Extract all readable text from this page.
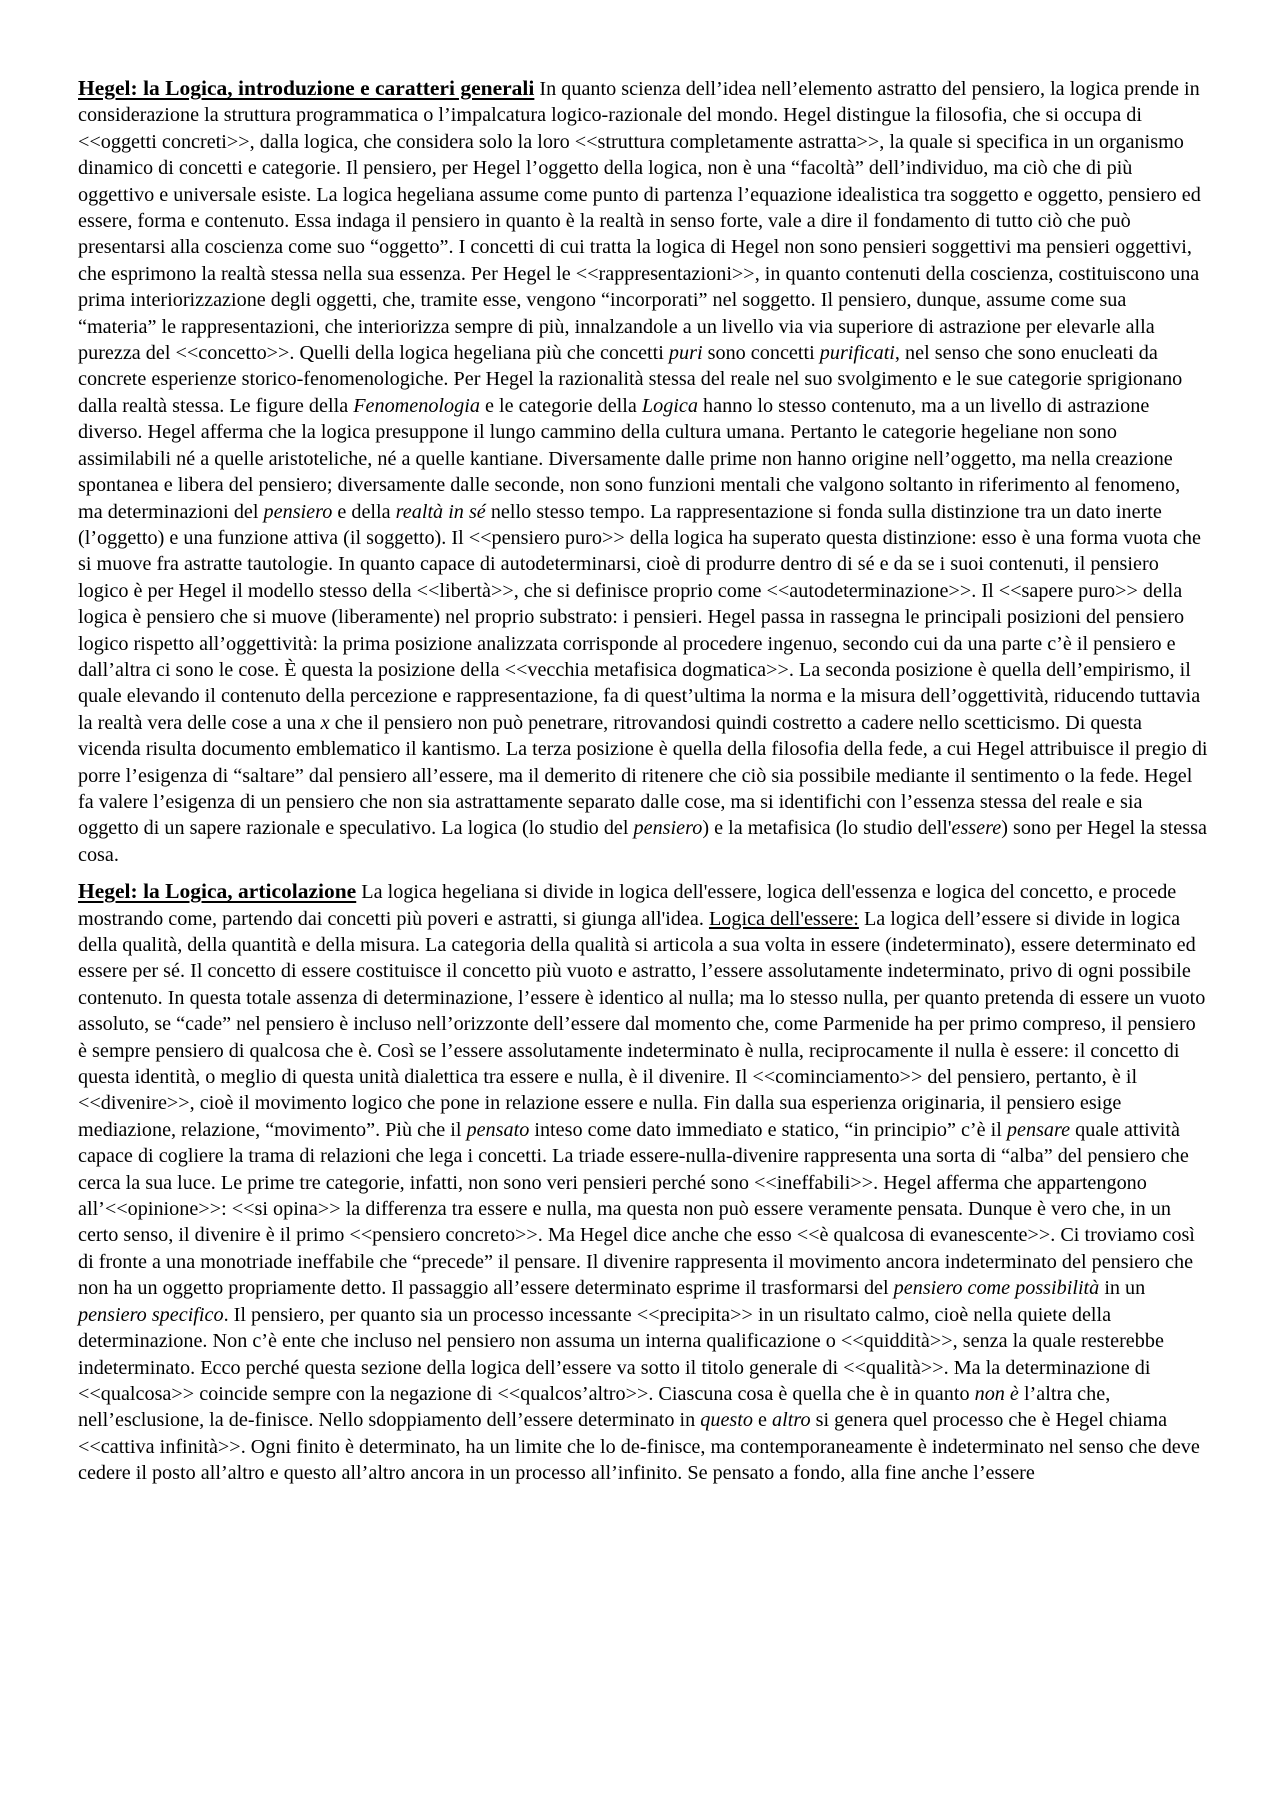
Hegel: la Logica, introduzione e caratteri generali In quanto scienza dell’idea nell’elemento astratto del pensiero, la logica prende in considerazione la struttura programmatica o l’impalcatura logico-razionale del mondo. Hegel distingue la filosofia, che si occupa di <<oggetti concreti>>, dalla logica, che considera solo la loro <<struttura completamente astratta>>, la quale si specifica in un organismo dinamico di concetti e categorie. Il pensiero, per Hegel l’oggetto della logica, non è una “facoltà” dell’individuo, ma ciò che di più oggettivo e universale esiste. La logica hegeliana assume come punto di partenza l’equazione idealistica tra soggetto e oggetto, pensiero ed essere, forma e contenuto. Essa indaga il pensiero in quanto è la realtà in senso forte, vale a dire il fondamento di tutto ciò che può presentarsi alla coscienza come suo “oggetto”. I concetti di cui tratta la logica di Hegel non sono pensieri soggettivi ma pensieri oggettivi, che esprimono la realtà stessa nella sua essenza. Per Hegel le <<rappresentazioni>>, in quanto contenuti della coscienza, costituiscono una prima interiorizzazione degli oggetti, che, tramite esse, vengono “incorporati” nel soggetto. Il pensiero, dunque, assume come sua “materia” le rappresentazioni, che interiorizza sempre di più, innalzandole a un livello via via superiore di astrazione per elevarle alla purezza del <<concetto>>. Quelli della logica hegeliana più che concetti puri sono concetti purificati, nel senso che sono enucleati da concrete esperienze storico-fenomenologiche. Per Hegel la razionalità stessa del reale nel suo svolgimento e le sue categorie sprigionano dalla realtà stessa. Le figure della Fenomenologia e le categorie della Logica hanno lo stesso contenuto, ma a un livello di astrazione diverso. Hegel afferma che la logica presuppone il lungo cammino della cultura umana. Pertanto le categorie hegeliane non sono assimilabili né a quelle aristoteliche, né a quelle kantiane. Diversamente dalle prime non hanno origine nell’oggetto, ma nella creazione spontanea e libera del pensiero; diversamente dalle seconde, non sono funzioni mentali che valgono soltanto in riferimento al fenomeno, ma determinazioni del pensiero e della realtà in sé nello stesso tempo. La rappresentazione si fonda sulla distinzione tra un dato inerte (l’oggetto) e una funzione attiva (il soggetto). Il <<pensiero puro>> della logica ha superato questa distinzione: esso è una forma vuota che si muove fra astratte tautologie. In quanto capace di autodeterminarsi, cioè di produrre dentro di sé e da se i suoi contenuti, il pensiero logico è per Hegel il modello stesso della <<libertà>>, che si definisce proprio come <<autodeterminazione>>. Il <<sapere puro>> della logica è pensiero che si muove (liberamente) nel proprio substrato: i pensieri. Hegel passa in rassegna le principali posizioni del pensiero logico rispetto all’oggettività: la prima posizione analizzata corrisponde al procedere ingenuo, secondo cui da una parte c’è il pensiero e dall’altra ci sono le cose. È questa la posizione della <<vecchia metafisica dogmatica>>. La seconda posizione è quella dell’empirismo, il quale elevando il contenuto della percezione e rappresentazione, fa di quest’ultima la norma e la misura dell’oggettività, riducendo tuttavia la realtà vera delle cose a una x che il pensiero non può penetrare, ritrovandosi quindi costretto a cadere nello scetticismo. Di questa vicenda risulta documento emblematico il kantismo. La terza posizione è quella della filosofia della fede, a cui Hegel attribuisce il pregio di porre l’esigenza di “saltare” dal pensiero all’essere, ma il demerito di ritenere che ciò sia possibile mediante il sentimento o la fede. Hegel fa valere l’esigenza di un pensiero che non sia astrattamente separato dalle cose, ma si identifichi con l’essenza stessa del reale e sia oggetto di un sapere razionale e speculativo. La logica (lo studio del pensiero) e la metafisica (lo studio dell'essere) sono per Hegel la stessa cosa.

Hegel: la Logica, articolazione La logica hegeliana si divide in logica dell'essere, logica dell'essenza e logica del concetto, e procede mostrando come, partendo dai concetti più poveri e astratti, si giunga all'idea. Logica dell'essere: La logica dell’essere si divide in logica della qualità, della quantità e della misura. La categoria della qualità si articola a sua volta in essere (indeterminato), essere determinato ed essere per sé. Il concetto di essere costituisce il concetto più vuoto e astratto, l’essere assolutamente indeterminato, privo di ogni possibile contenuto. In questa totale assenza di determinazione, l’essere è identico al nulla; ma lo stesso nulla, per quanto pretenda di essere un vuoto assoluto, se “cade” nel pensiero è incluso nell’orizzonte dell’essere dal momento che, come Parmenide ha per primo compreso, il pensiero è sempre pensiero di qualcosa che è. Così se l’essere assolutamente indeterminato è nulla, reciprocamente il nulla è essere: il concetto di questa identità, o meglio di questa unità dialettica tra essere e nulla, è il divenire. Il <<cominciamento>> del pensiero, pertanto, è il <<divenire>>, cioè il movimento logico che pone in relazione essere e nulla. Fin dalla sua esperienza originaria, il pensiero esige mediazione, relazione, “movimento”. Più che il pensato inteso come dato immediato e statico, “in principio” c’è il pensare quale attività capace di cogliere la trama di relazioni che lega i concetti. La triade essere-nulla-divenire rappresenta una sorta di “alba” del pensiero che cerca la sua luce. Le prime tre categorie, infatti, non sono veri pensieri perché sono <<ineffabili>>. Hegel afferma che appartengono all’<<opinione>>: <<si opina>> la differenza tra essere e nulla, ma questa non può essere veramente pensata. Dunque è vero che, in un certo senso, il divenire è il primo <<pensiero concreto>>. Ma Hegel dice anche che esso <<è qualcosa di evanescente>>. Ci troviamo così di fronte a una monotriade ineffabile che “precede” il pensare. Il divenire rappresenta il movimento ancora indeterminato del pensiero che non ha un oggetto propriamente detto. Il passaggio all’essere determinato esprime il trasformarsi del pensiero come possibilità in un pensiero specifico. Il pensiero, per quanto sia un processo incessante <<precipita>> in un risultato calmo, cioè nella quiete della determinazione. Non c’è ente che incluso nel pensiero non assuma un interna qualificazione o <<quiddità>>, senza la quale resterebbe indeterminato. Ecco perché questa sezione della logica dell’essere va sotto il titolo generale di <<qualità>>. Ma la determinazione di <<qualcosa>> coincide sempre con la negazione di <<qualcos’altro>>. Ciascuna cosa è quella che è in quanto non è l’altra che, nell’esclusione, la de-finisce. Nello sdoppiamento dell’essere determinato in questo e altro si genera quel processo che è Hegel chiama <<cattiva infinità>>. Ogni finito è determinato, ha un limite che lo de-finisce, ma contemporaneamente è indeterminato nel senso che deve cedere il posto all’altro e questo all’altro ancora in un processo all’infinito. Se pensato a fondo, alla fine anche l’essere
